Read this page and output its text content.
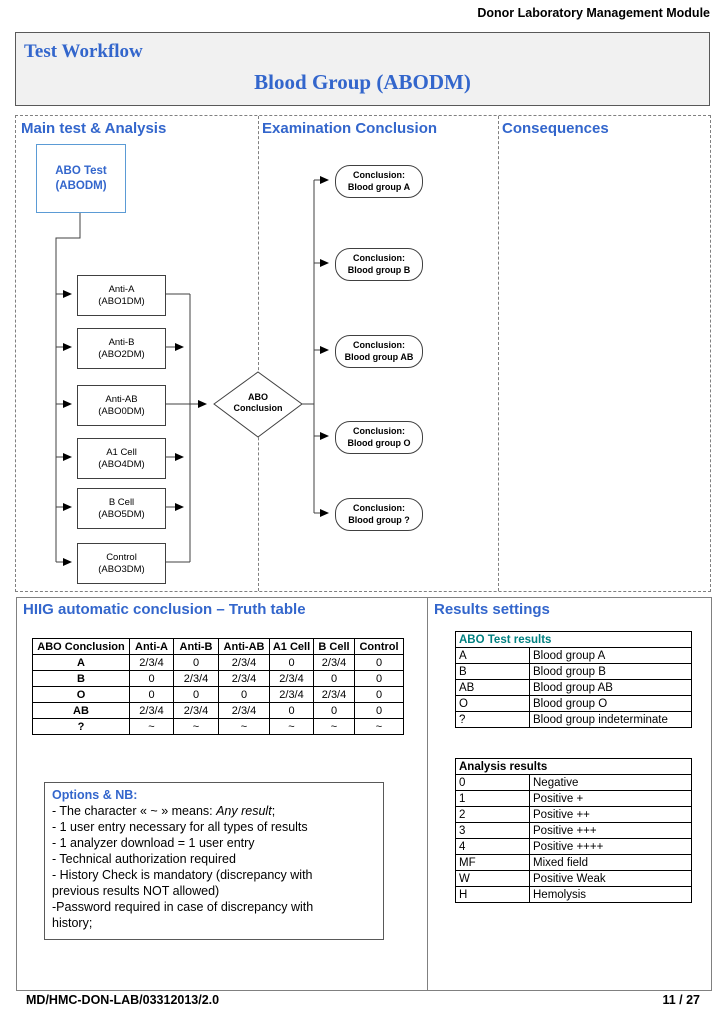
Donor Laboratory Management Module
Test Workflow
Blood Group (ABODM)
Main test & Analysis	Examination Conclusion	Consequences
ABO Test
(ABODM)
Anti-A
(ABO1DM)
Anti-B
(ABO2DM)
Anti-AB
(ABO0DM)
A1 Cell
(ABO4DM)
B Cell
(ABO5DM)
Control
(ABO3DM)
ABO
Conclusion
Conclusion:
Blood group A
Conclusion:
Blood group B
Conclusion:
Blood group AB
Conclusion:
Blood group O
Conclusion:
Blood group ?
HIIG automatic conclusion – Truth table
ABO Conclusion	Anti-A	Anti-B	Anti-AB	A1 Cell	B Cell	Control
A	2/3/4	0	2/3/4	0	2/3/4	0
B	0	2/3/4	2/3/4	2/3/4	0	0
O	0	0	0	2/3/4	2/3/4	0
AB	2/3/4	2/3/4	2/3/4	0	0	0
?	~	~	~	~	~	~
Options & NB:
- The character « ~ » means: Any result;
- 1 user entry necessary for all types of results
- 1 analyzer download = 1 user entry
- Technical authorization required
- History Check is mandatory (discrepancy with
previous results NOT allowed)
-Password required in case of discrepancy with
history;
Results settings
ABO Test results	
A	Blood group A
B	Blood group B
AB	Blood group AB
O	Blood group O
?	Blood group indeterminate
Analysis results	
0	Negative
1	Positive +
2	Positive ++
3	Positive +++
4	Positive ++++
MF	Mixed field
W	Positive Weak
H	Hemolysis
MD/HMC-DON-LAB/03312013/2.0	11 / 27
